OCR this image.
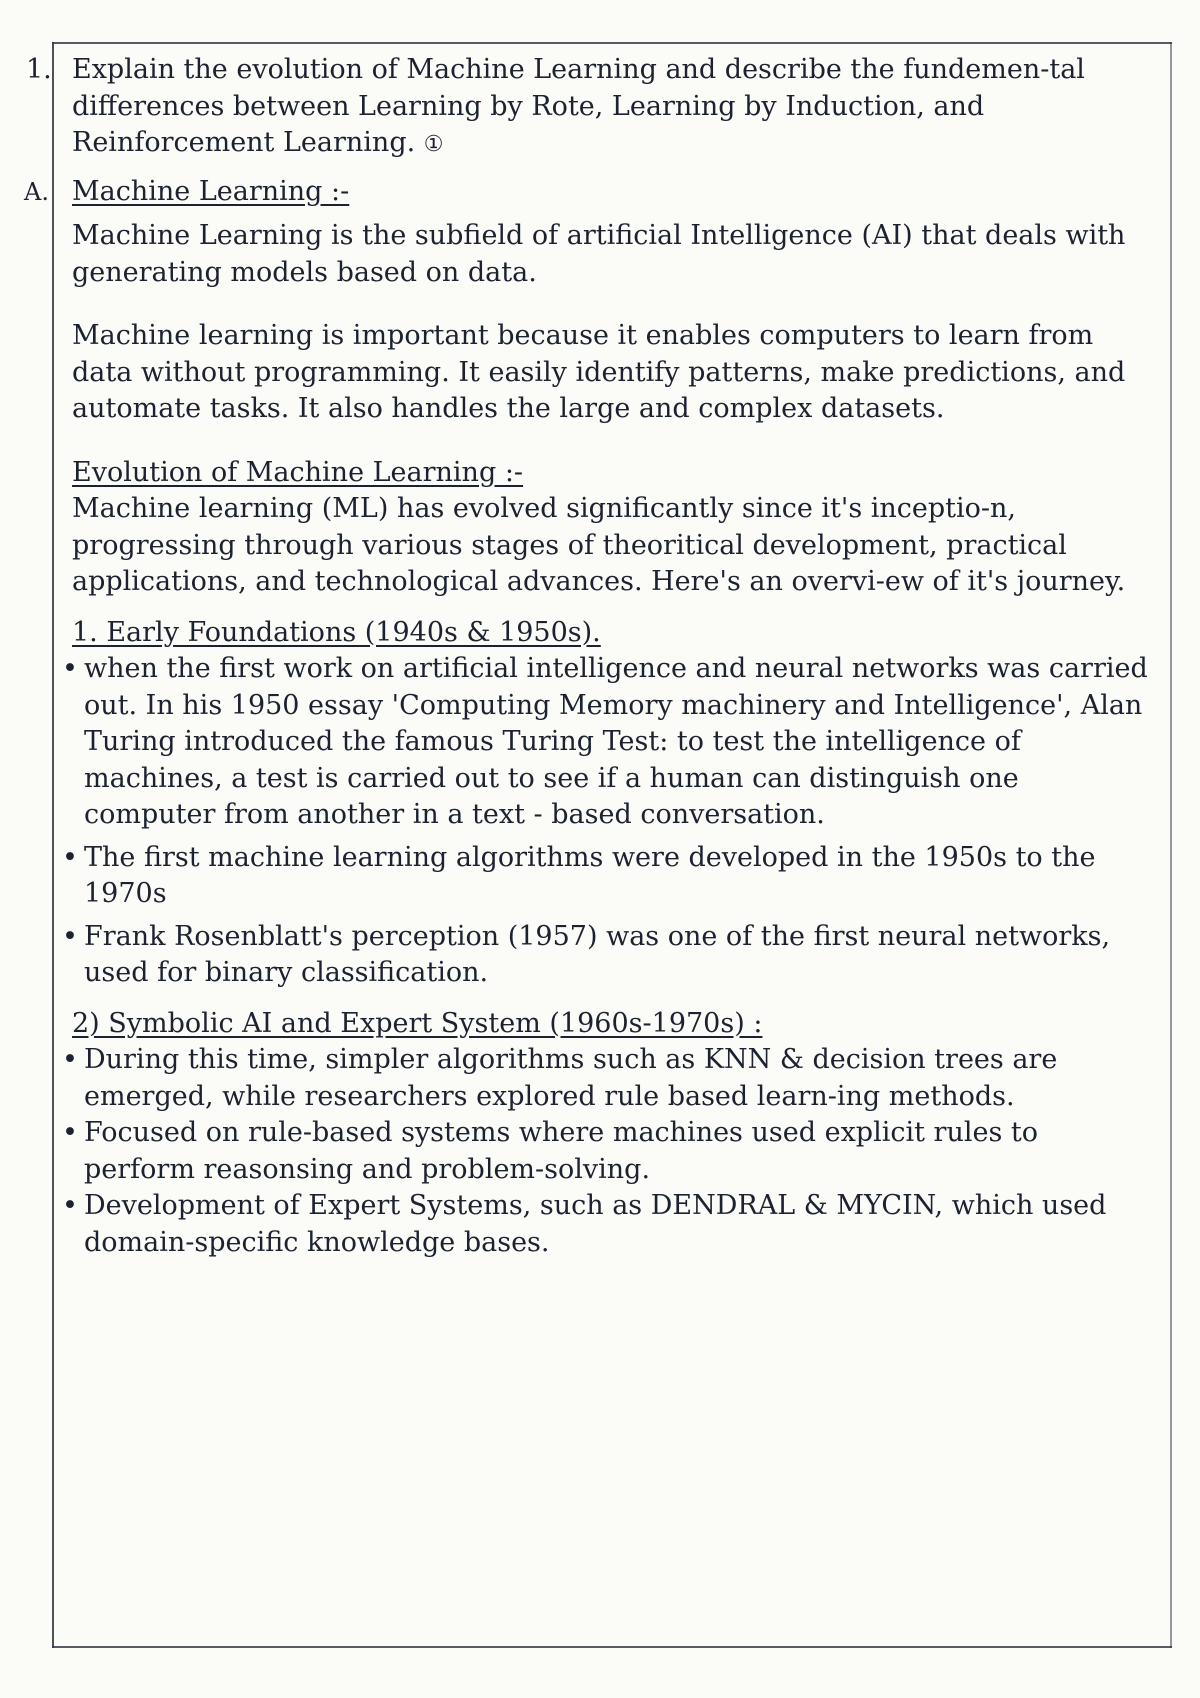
1. Explain the evolution of Machine Learning and describe the fundemen-tal differences between Learning by Rote, Learning by Induction, and Reinforcement Learning. ①

A. Machine Learning :-

Machine Learning is the subfield of artificial Intelligence (AI) that deals with generating models based on data.

Machine learning is important because it enables computers to learn from data without programming. It easily identify patterns, make predictions, and automate tasks. It also handles the large and complex datasets.

Evolution of Machine Learning :-

Machine learning (ML) has evolved significantly since it's inceptio-n, progressing through various stages of theoritical development, practical applications, and technological advances. Here's an overvi-ew of it's journey.

1. Early Foundations (1940s & 1950s).

• when the first work on artificial intelligence and neural networks was carried out. In his 1950 essay 'Computing Memory machinery and Intelligence', Alan Turing introduced the famous Turing Test: to test the intelligence of machines, a test is carried out to see if a human can distinguish one computer from another in a text - based conversation.

• The first machine learning algorithms were developed in the 1950s to the 1970s

• Frank Rosenblatt's perception (1957) was one of the first neural networks, used for binary classification.

2) Symbolic AI and Expert System (1960s-1970s) :

• During this time, simpler algorithms such as KNN & decision trees are emerged, while researchers explored rule based learn-ing methods.

• Focused on rule-based systems where machines used explicit rules to perform reasonsing and problem-solving.

• Development of Expert Systems, such as DENDRAL & MYCIN, which used domain-specific knowledge bases.
